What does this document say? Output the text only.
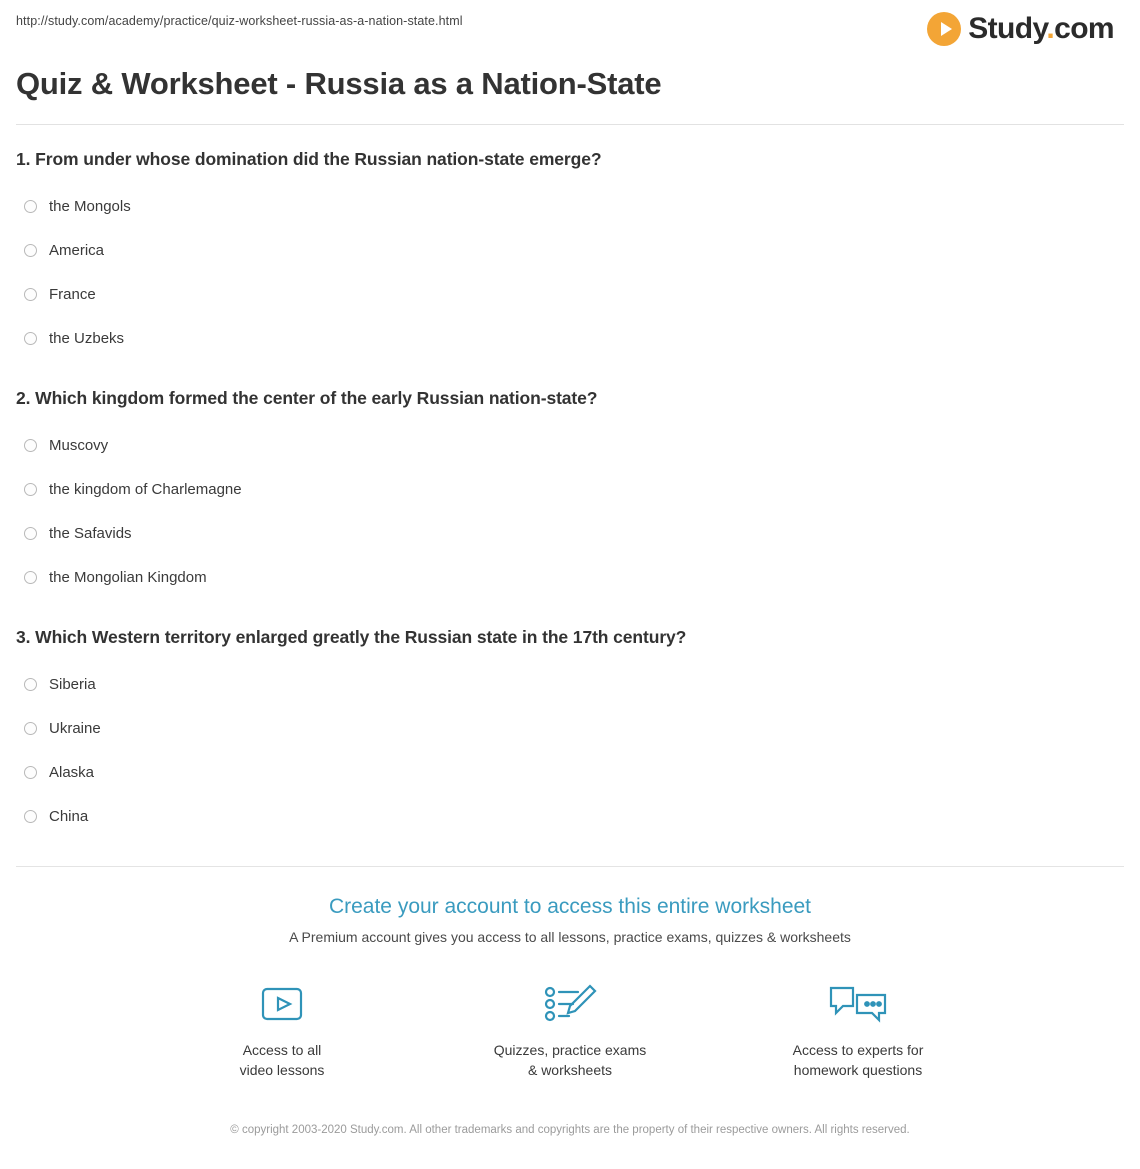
http://study.com/academy/practice/quiz-worksheet-russia-as-a-nation-state.html	Study.com
Quiz & Worksheet - Russia as a Nation-State

1. From under whose domination did the Russian nation-state emerge?

the Mongols
America
France
the Uzbeks

2. Which kingdom formed the center of the early Russian nation-state?

Muscovy
the kingdom of Charlemagne
the Safavids
the Mongolian Kingdom

3. Which Western territory enlarged greatly the Russian state in the 17th century?

Siberia
Ukraine
Alaska
China
Create your account to access this entire worksheet

A Premium account gives you access to all lessons, practice exams, quizzes & worksheets

Access to all
video lessons
Quizzes, practice exams
& worksheets
Access to experts for
homework questions
© copyright 2003-2020 Study.com. All other trademarks and copyrights are the property of their respective owners. All rights reserved.
